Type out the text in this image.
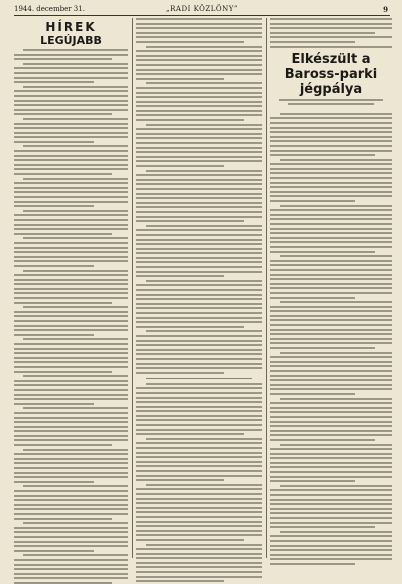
1944. december 31.	„RADI KÖZLÖNY”	9
HÍREK
LEGÚJABB
Elkészült a Baross-parki jégpálya
